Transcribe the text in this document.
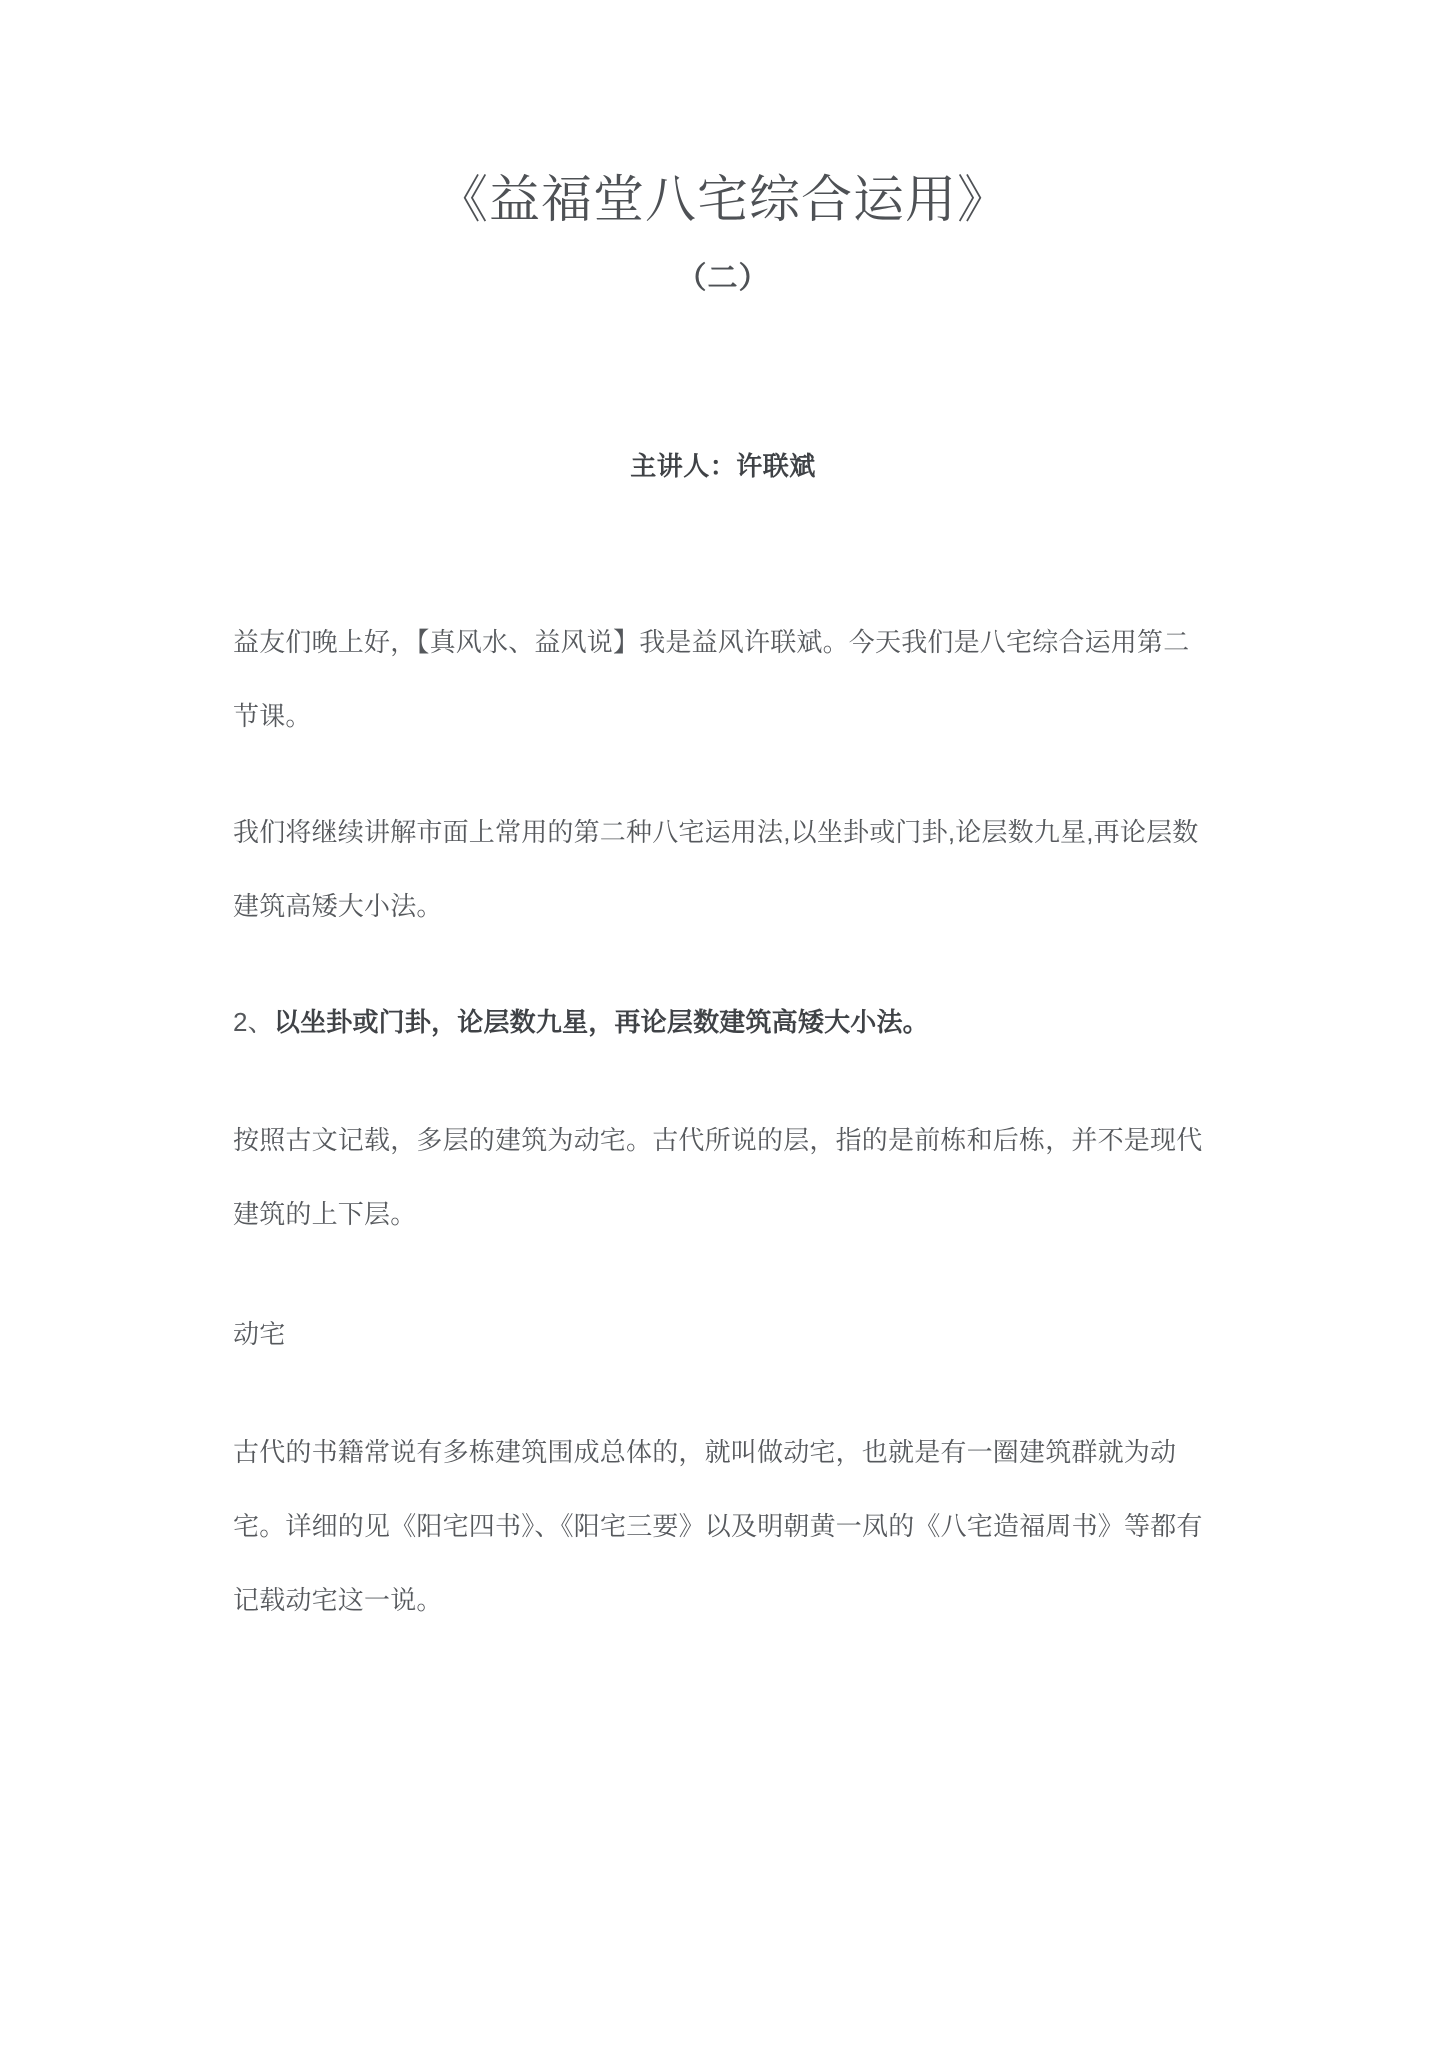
《益福堂八宅综合运用》
（二）
主讲人：许联斌

益友们晚上好，【真风水、益风说】我是益风许联斌。今天我们是八宅综合运用第二节课。

我们将继续讲解市面上常用的第二种八宅运用法,以坐卦或门卦,论层数九星,再论层数建筑高矮大小法。

2、以坐卦或门卦，论层数九星，再论层数建筑高矮大小法。

按照古文记载，多层的建筑为动宅。古代所说的层，指的是前栋和后栋，并不是现代建筑的上下层。

动宅

古代的书籍常说有多栋建筑围成总体的，就叫做动宅，也就是有一圈建筑群就为动宅。详细的见《阳宅四书》、《阳宅三要》以及明朝黄一凤的《八宅造福周书》等都有记载动宅这一说。
